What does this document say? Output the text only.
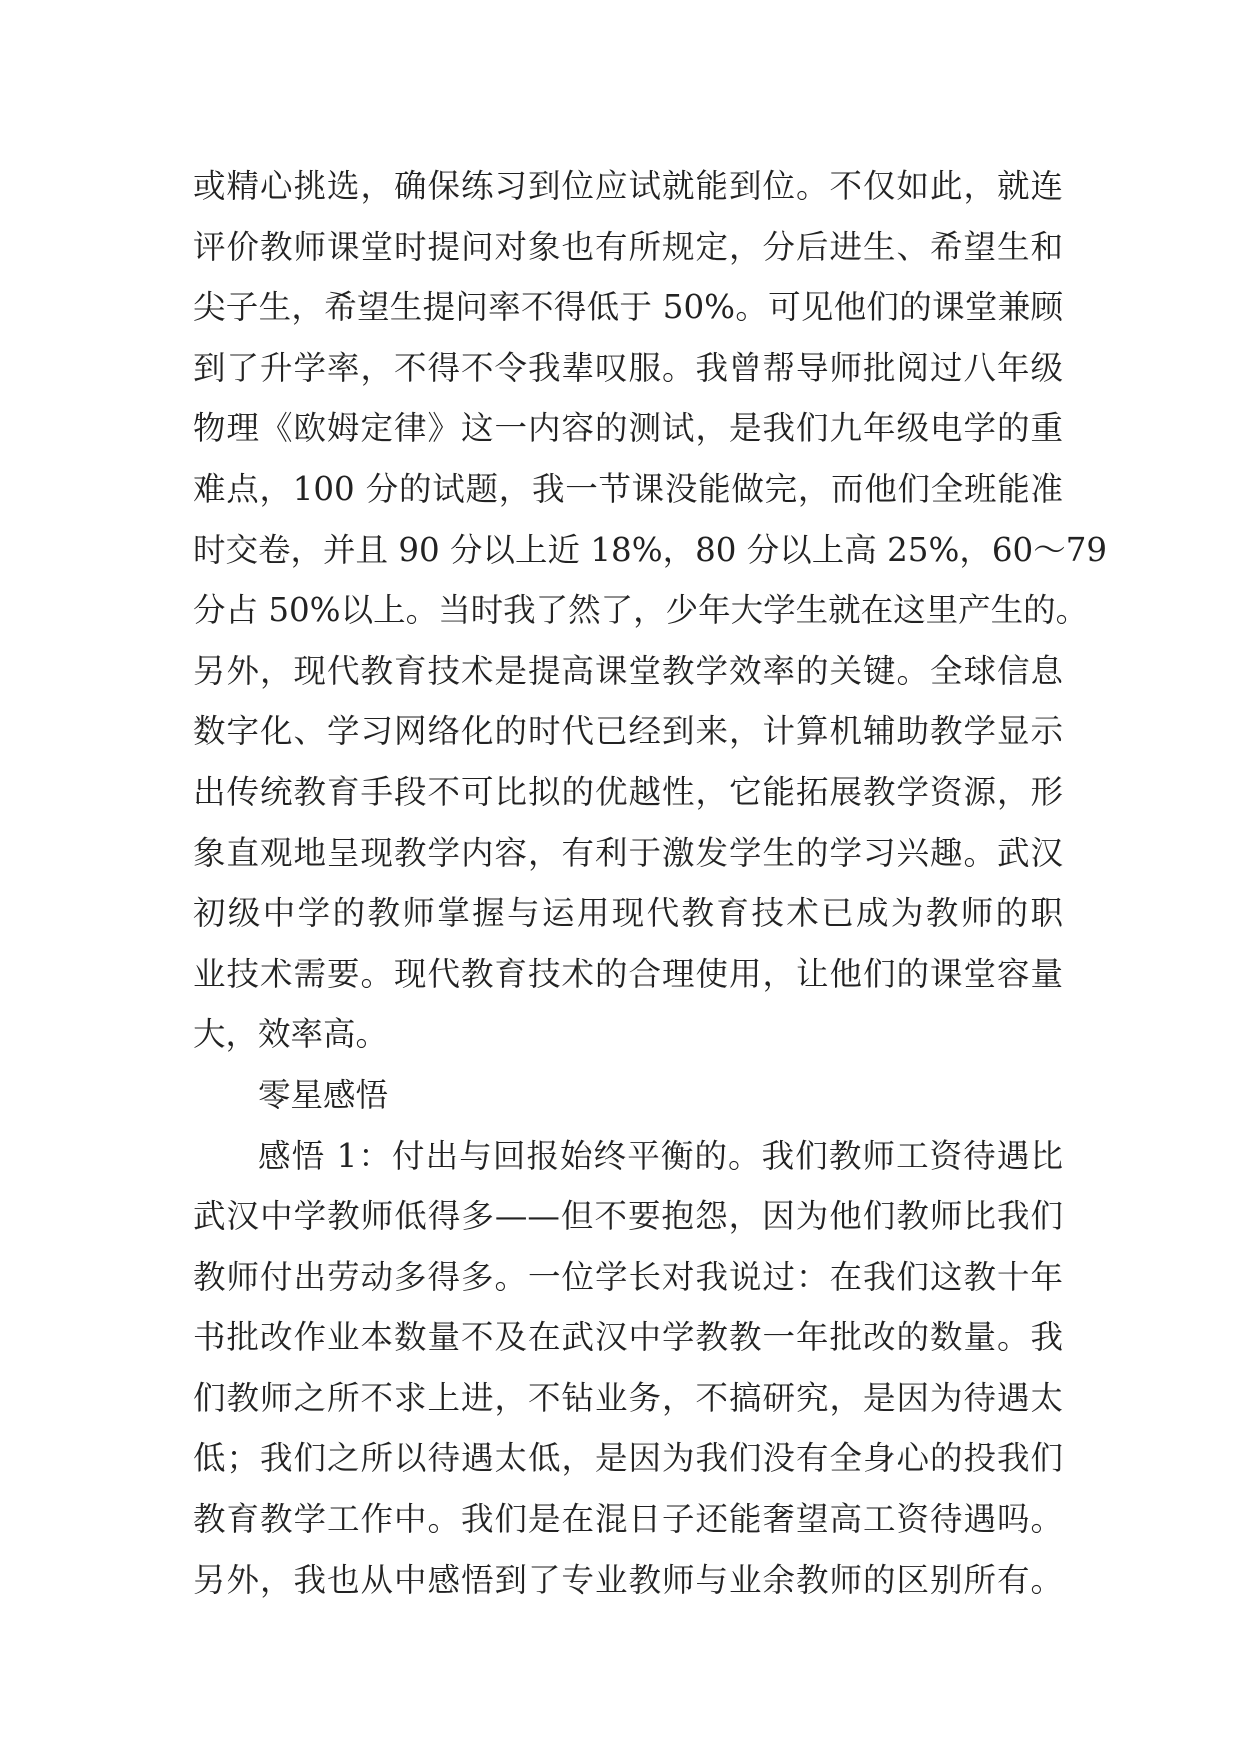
或精心挑选，确保练习到位应试就能到位。不仅如此，就连
评价教师课堂时提问对象也有所规定，分后进生、希望生和
尖子生，希望生提问率不得低于 50%。可见他们的课堂兼顾
到了升学率，不得不令我辈叹服。我曾帮导师批阅过八年级
物理《欧姆定律》这一内容的测试，是我们九年级电学的重
难点，100 分的试题，我一节课没能做完，而他们全班能准
时交卷，并且 90 分以上近 18%，80 分以上高 25%，60～79
分占 50%以上。当时我了然了，少年大学生就在这里产生的。
另外，现代教育技术是提高课堂教学效率的关键。全球信息
数字化、学习网络化的时代已经到来，计算机辅助教学显示
出传统教育手段不可比拟的优越性，它能拓展教学资源，形
象直观地呈现教学内容，有利于激发学生的学习兴趣。武汉
初级中学的教师掌握与运用现代教育技术已成为教师的职
业技术需要。现代教育技术的合理使用，让他们的课堂容量
大，效率高。
零星感悟
感悟 1：付出与回报始终平衡的。我们教师工资待遇比
武汉中学教师低得多——但不要抱怨，因为他们教师比我们
教师付出劳动多得多。一位学长对我说过：在我们这教十年
书批改作业本数量不及在武汉中学教教一年批改的数量。我
们教师之所不求上进，不钻业务，不搞研究，是因为待遇太
低；我们之所以待遇太低，是因为我们没有全身心的投我们
教育教学工作中。我们是在混日子还能奢望高工资待遇吗。
另外，我也从中感悟到了专业教师与业余教师的区别所有。
